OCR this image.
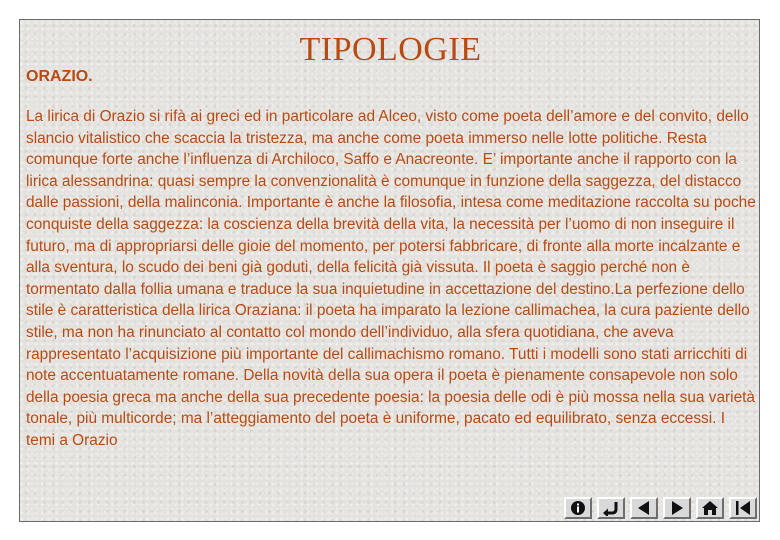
TIPOLOGIE

ORAZIO.

La lirica di Orazio si rifà ai greci ed in particolare ad Alceo, visto come poeta dell’amore e del convito, dello slancio vitalistico che scaccia la tristezza, ma anche come poeta immerso nelle lotte politiche. Resta comunque forte anche l’influenza di Archiloco, Saffo e Anacreonte. E’ importante anche il rapporto con la lirica alessandrina: quasi sempre la convenzionalità è comunque in funzione della saggezza, del distacco dalle passioni, della malinconia. Importante è anche la filosofia, intesa come meditazione raccolta su poche conquiste della saggezza: la coscienza della brevità della vita, la necessità per l’uomo di non inseguire il futuro, ma di appropriarsi delle gioie del momento, per potersi fabbricare, di fronte alla morte incalzante e alla sventura, lo scudo dei beni già goduti, della felicità già vissuta. Il poeta è saggio perché non è tormentato dalla follia umana e traduce la sua inquietudine in accettazione del destino.La perfezione dello stile è caratteristica della lirica Oraziana: il poeta ha imparato la lezione callimachea, la cura paziente dello stile, ma non ha rinunciato al contatto col mondo dell’individuo, alla sfera quotidiana, che aveva rappresentato l’acquisizione più importante del callimachismo romano. Tutti i modelli sono stati arricchiti di note accentuatamente romane. Della novità della sua opera il poeta è pienamente consapevole non solo della poesia greca ma anche della sua precedente poesia: la poesia delle odi è più mossa nella sua varietà tonale, più multicorde; ma l’atteggiamento del poeta è uniforme, pacato ed equilibrato, senza eccessi. I temi a Orazio
